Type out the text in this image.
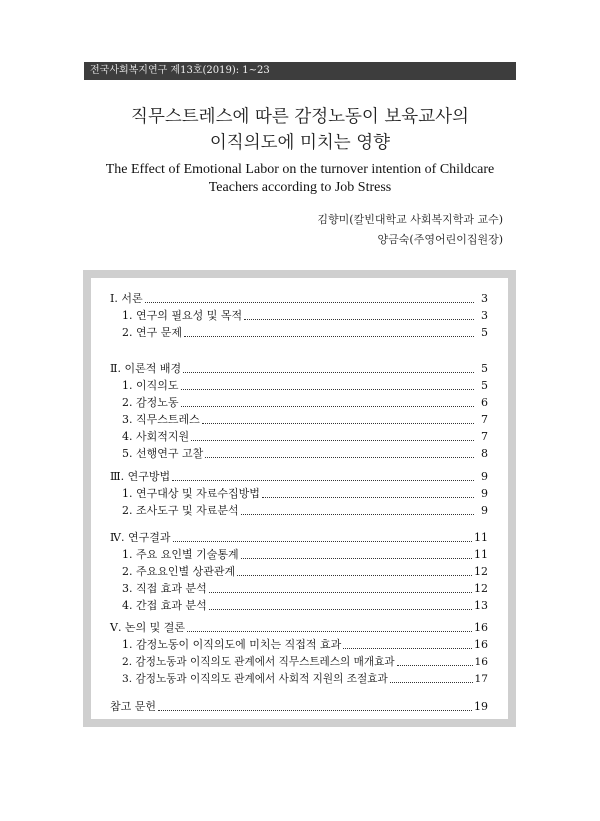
전국사회복지연구 제13호(2019): 1~23
직무스트레스에 따른 감정노동이 보육교사의
이직의도에 미치는 영향
The Effect of Emotional Labor on the turnover intention of Childcare
Teachers according to Job Stress
김향미(칼빈대학교 사회복지학과 교수)
양금숙(주영어린이집원장)
Ⅰ. 서론	3
1. 연구의 필요성 및 목적	3
2. 연구 문제	5
Ⅱ. 이론적 배경	5
1. 이직의도	5
2. 감정노동	6
3. 직무스트레스	7
4. 사회적지원	7
5. 선행연구 고찰	8
Ⅲ. 연구방법	9
1. 연구대상 및 자료수집방법	9
2. 조사도구 및 자료분석	9
Ⅳ. 연구결과	11
1. 주요 요인별 기술통계	11
2. 주요요인별 상관관계	12
3. 직접 효과 분석	12
4. 간접 효과 분석	13
Ⅴ. 논의 및 결론	16
1. 감정노동이 이직의도에 미치는 직접적 효과	16
2. 감정노동과 이직의도 관계에서 직무스트레스의 매개효과	16
3. 감정노동과 이직의도 관계에서 사회적 지원의 조절효과	17
참고 문헌	19
